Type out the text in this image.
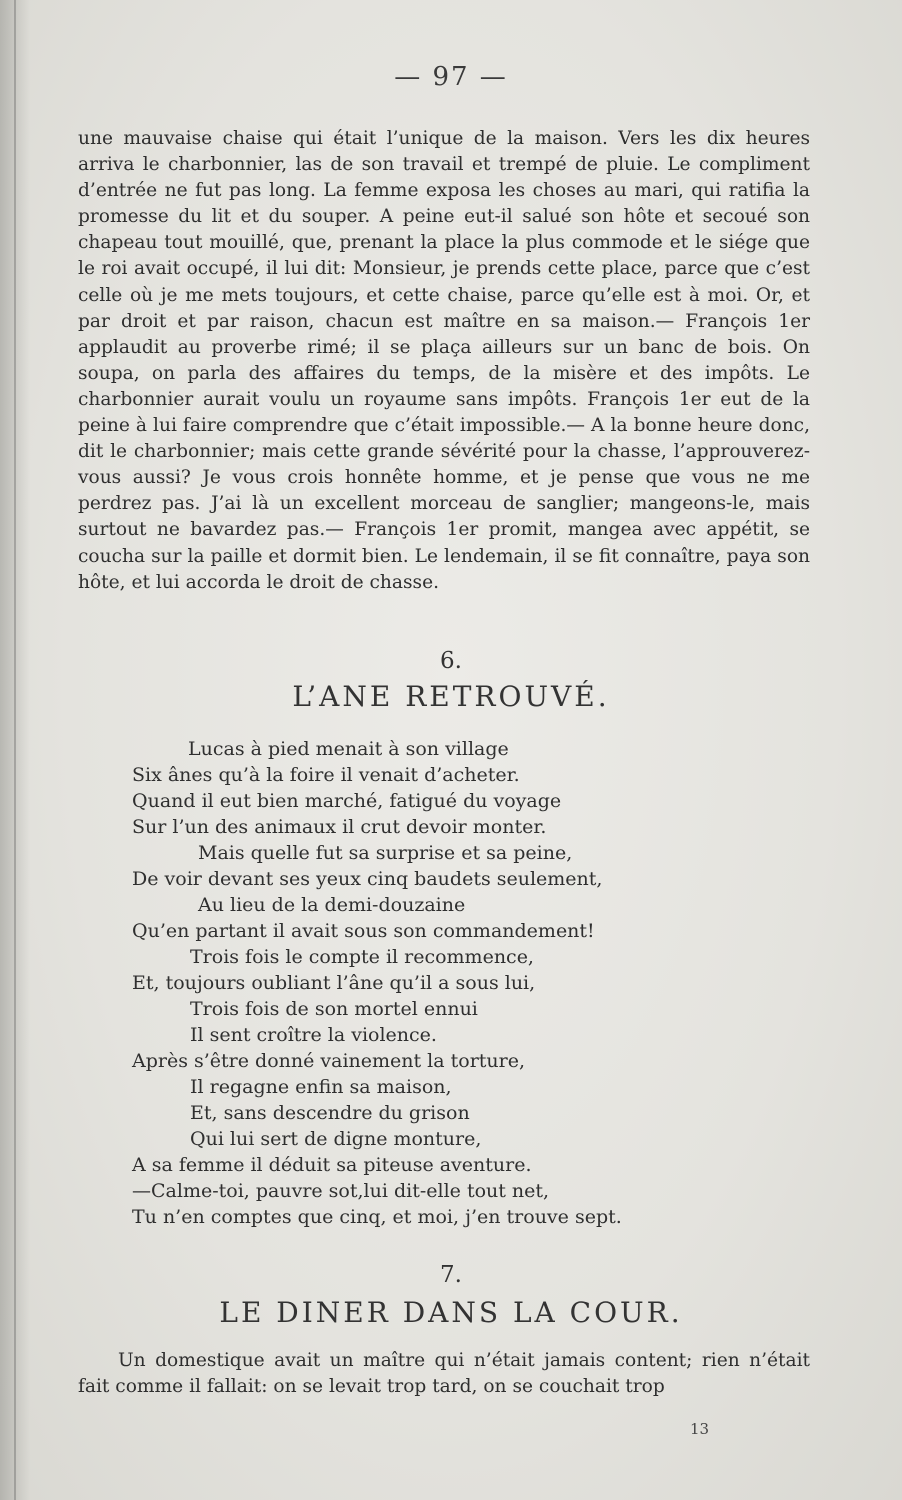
— 97 —

une mauvaise chaise qui était l’unique de la maison. Vers les dix heures arriva le charbonnier, las de son travail et trempé de pluie. Le compliment d’entrée ne fut pas long. La femme exposa les choses au mari, qui ratifia la promesse du lit et du souper. A peine eut-il salué son hôte et secoué son chapeau tout mouillé, que, prenant la place la plus commode et le siége que le roi avait occupé, il lui dit: Monsieur, je prends cette place, parce que c’est celle où je me mets toujours, et cette chaise, parce qu’elle est à moi. Or, et par droit et par raison, chacun est maître en sa maison.— François 1er applaudit au proverbe rimé; il se plaça ailleurs sur un banc de bois. On soupa, on parla des affaires du temps, de la misère et des impôts. Le charbonnier aurait voulu un royaume sans impôts. François 1er eut de la peine à lui faire comprendre que c’était impossible.— A la bonne heure donc, dit le charbonnier; mais cette grande sévérité pour la chasse, l’approuverez-vous aussi? Je vous crois honnête homme, et je pense que vous ne me perdrez pas. J’ai là un excellent morceau de sanglier; mangeons-le, mais surtout ne bavardez pas.— François 1er promit, mangea avec appétit, se coucha sur la paille et dormit bien. Le lendemain, il se fit connaître, paya son hôte, et lui accorda le droit de chasse.

6.
L’ANE RETROUVÉ.
Lucas à pied menait à son village
Six ânes qu’à la foire il venait d’acheter.
Quand il eut bien marché, fatigué du voyage
Sur l’un des animaux il crut devoir monter.
Mais quelle fut sa surprise et sa peine,
De voir devant ses yeux cinq baudets seulement,
Au lieu de la demi-douzaine
Qu’en partant il avait sous son commandement!
Trois fois le compte il recommence,
Et, toujours oubliant l’âne qu’il a sous lui,
Trois fois de son mortel ennui
Il sent croître la violence.
Après s’être donné vainement la torture,
Il regagne enfin sa maison,
Et, sans descendre du grison
Qui lui sert de digne monture,
A sa femme il déduit sa piteuse aventure.
—Calme-toi, pauvre sot,lui dit-elle tout net,
Tu n’en comptes que cinq, et moi, j’en trouve sept.
7.
LE DINER DANS LA COUR.

Un domestique avait un maître qui n’était jamais content; rien n’était fait comme il fallait: on se levait trop tard, on se couchait trop

13
